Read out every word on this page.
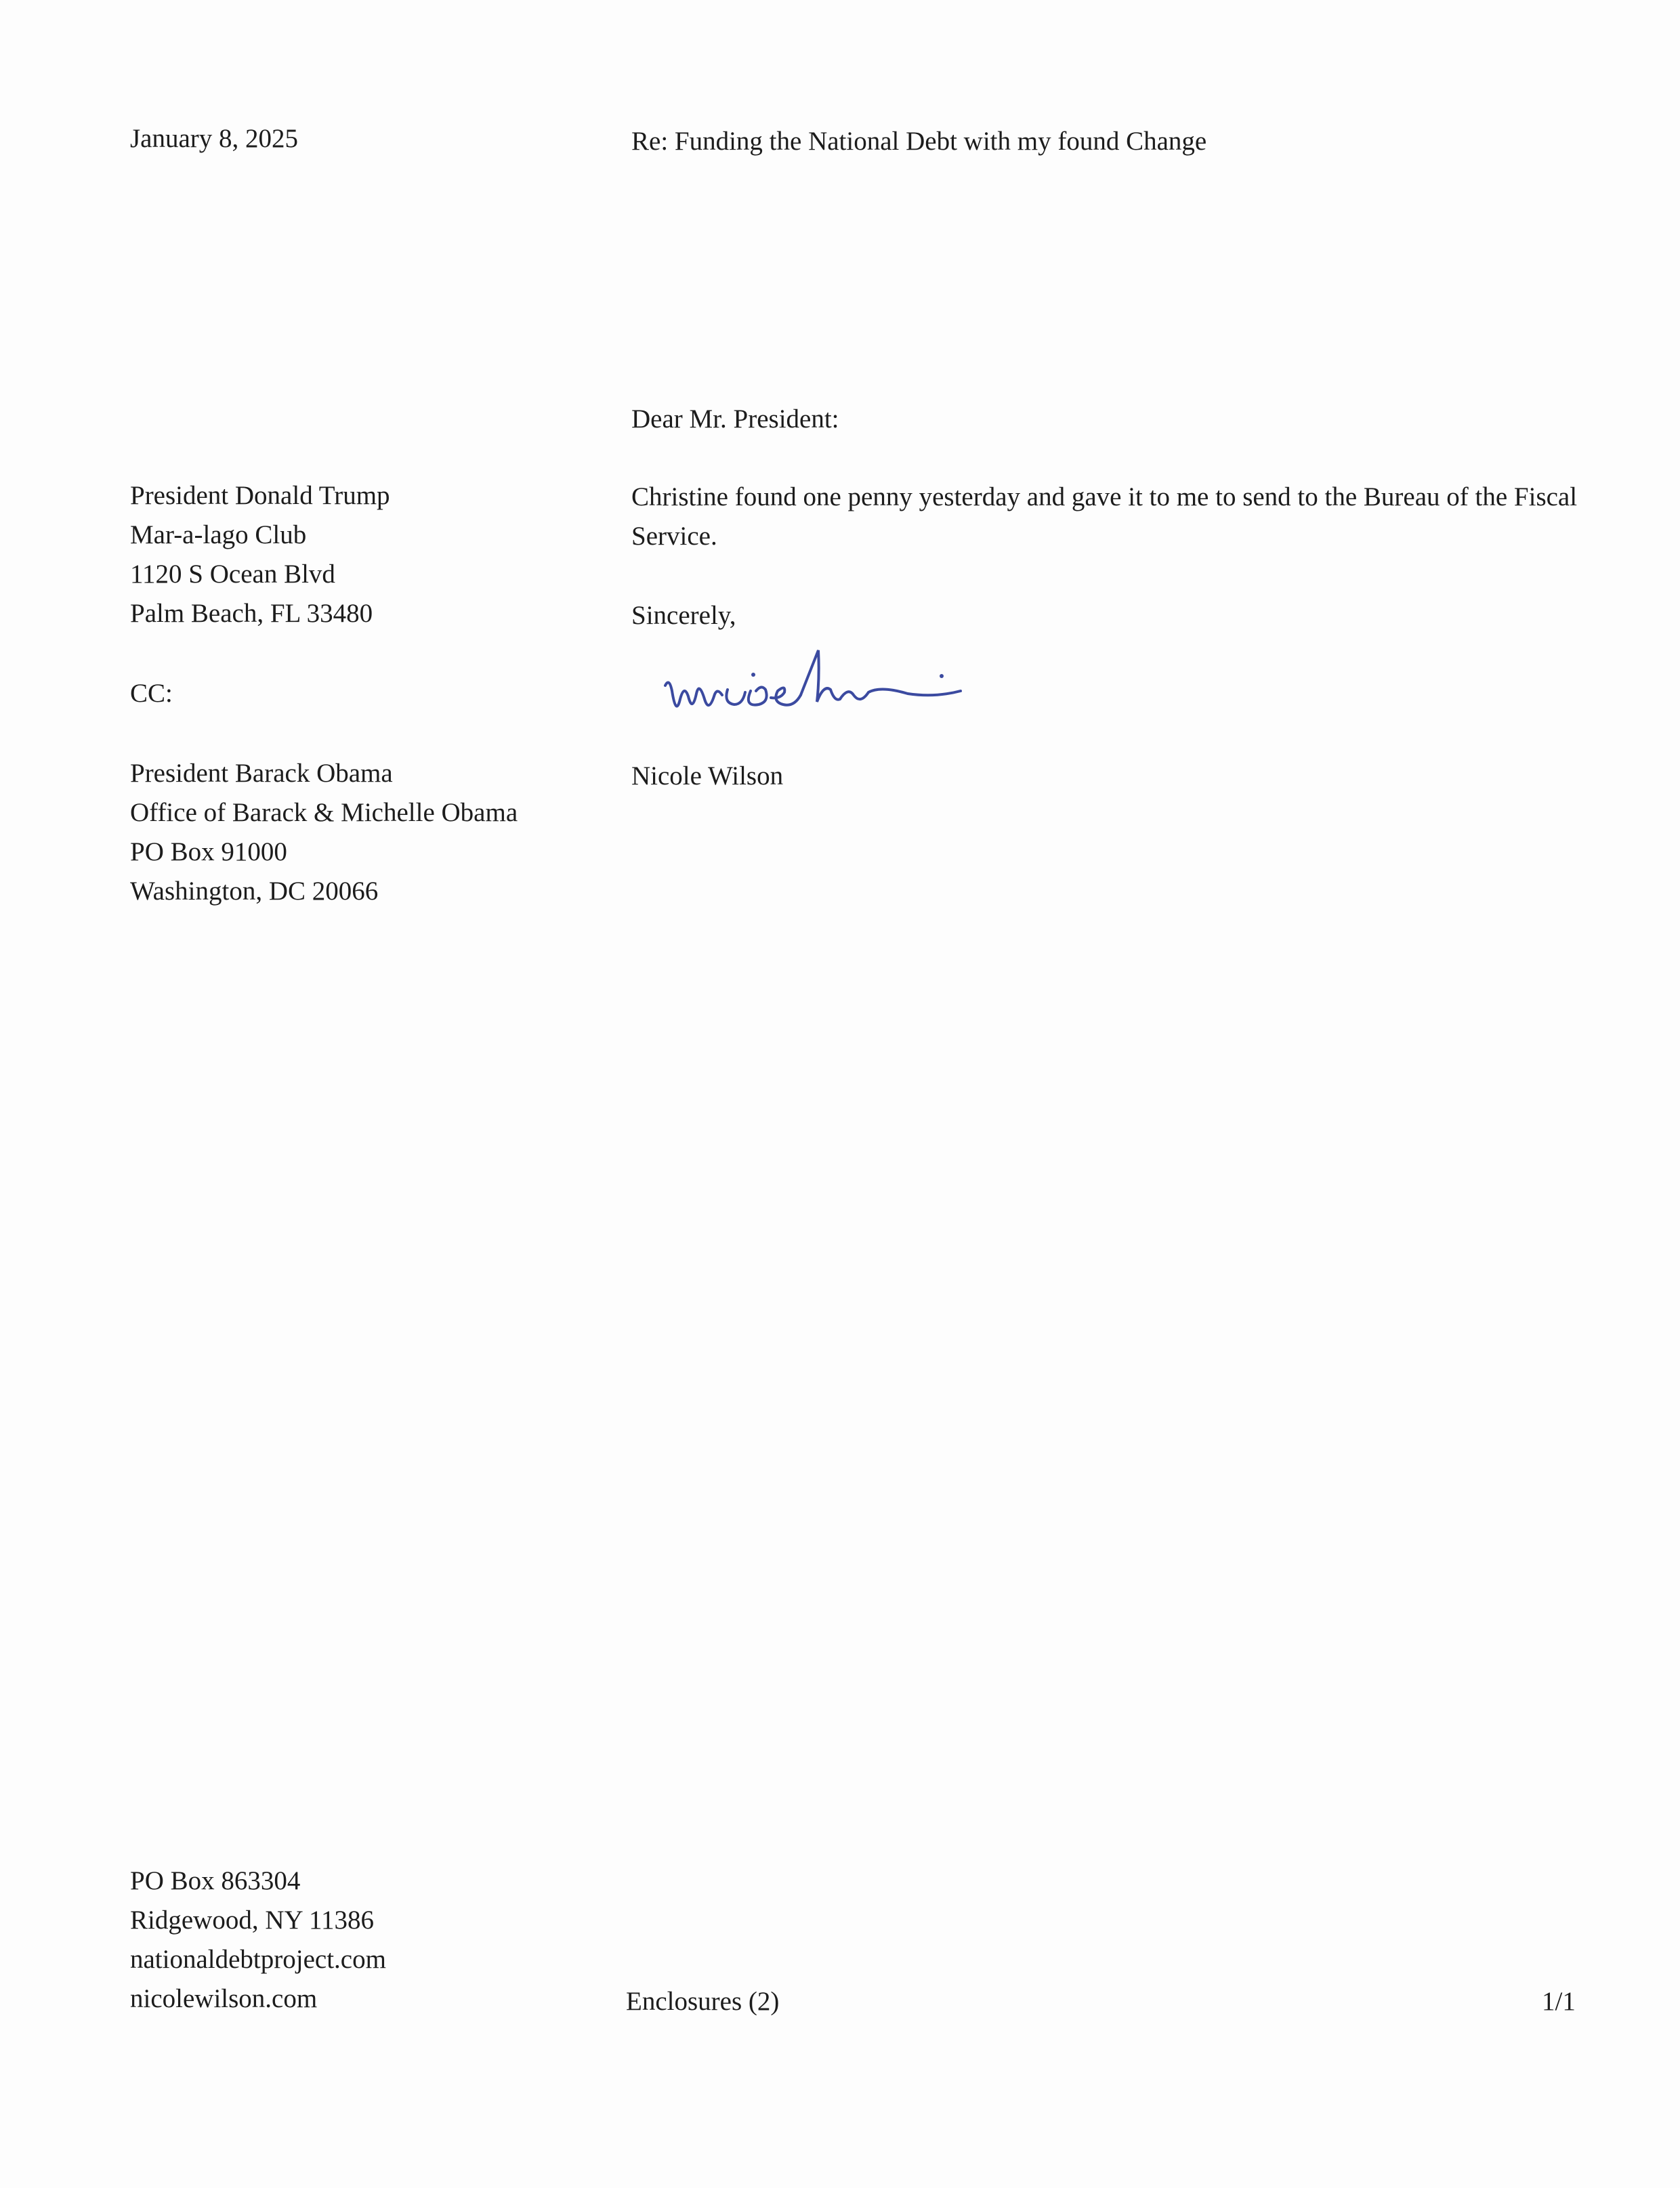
January 8, 2025	Re: Funding the National Debt with my found Change

Dear Mr. President:

President Donald Trump
Mar-a-lago Club
1120 S Ocean Blvd
Palm Beach, FL 33480

Christine found one penny yesterday and gave it to me to send to the Bureau of the Fiscal Service.

Sincerely,

Nicole Wilson

CC:

President Barack Obama
Office of Barack & Michelle Obama
PO Box 91000
Washington, DC 20066
PO Box 863304
Ridgewood, NY 11386
nationaldebtproject.com
nicolewilson.com	Enclosures (2)	1/1
